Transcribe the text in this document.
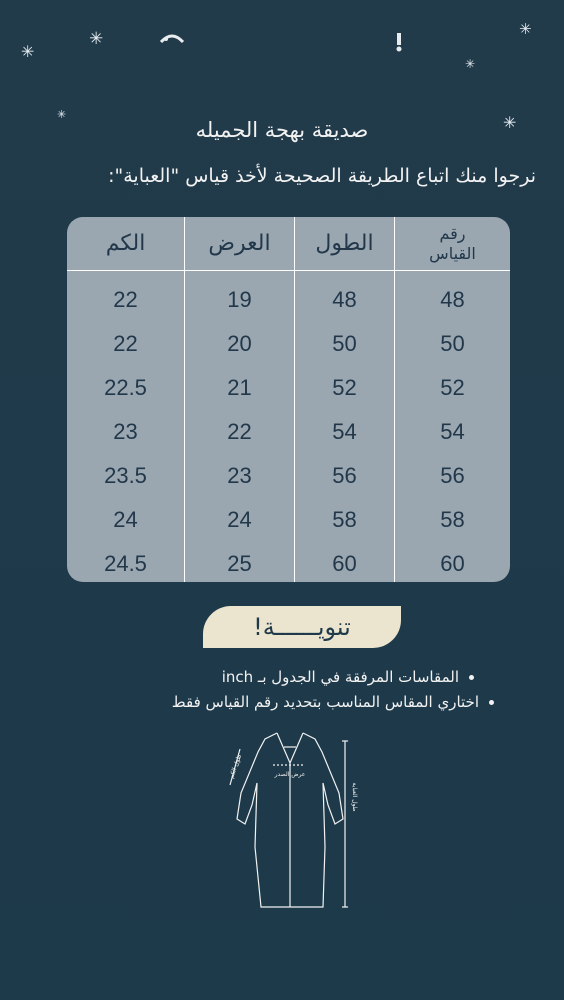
✳
✳
✳
✳
✳
✳
صديقة بهجة الجميله
نرجوا منك اتباع الطريقة الصحيحة لأخذ قياس "العباية":
رقم
القياس
الطول
العرض
الكم
48
50
52
54
56
58
60
48
50
52
54
56
58
60
19
20
21
22
23
24
25
22
22
22.5
23
23.5
24
24.5
تنويــــــة!
المقاسات المرفقة في الجدول بـ inch
اختاري المقاس المناسب بتحديد رقم القياس فقط
عرض الصدر
طول الكم
طول العباية
